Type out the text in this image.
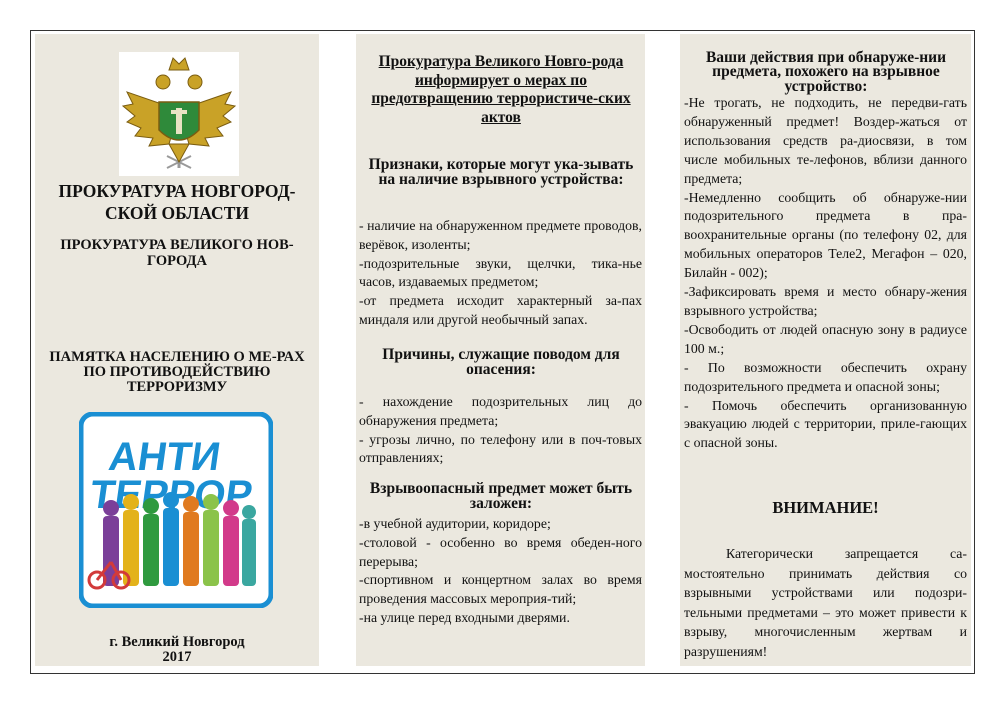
ПРОКУРАТУРА НОВГОРОД-СКОЙ ОБЛАСТИ
ПРОКУРАТУРА ВЕЛИКОГО НОВ-ГОРОДА
ПАМЯТКА НАСЕЛЕНИЮ О МЕ-РАХ ПО ПРОТИВОДЕЙСТВИЮ ТЕРРОРИЗМУ
АНТИ
г. Великий Новгород
2017
Прокуратура Великого Новго-рода информирует о мерах по предотвращению террористиче-ских актов
Признаки, которые могут ука-зывать на наличие взрывного устройства:
- наличие на обнаруженном предмете проводов, верёвок, изоленты;
-подозрительные звуки, щелчки, тика-нье часов, издаваемых предметом;
-от предмета исходит характерный за-пах миндаля или другой необычный запах.
Причины, служащие поводом для опасения:
- нахождение подозрительных лиц до обнаружения предмета;
- угрозы лично, по телефону или в поч-товых отправлениях;
Взрывоопасный предмет может быть заложен:
-в учебной аудитории, коридоре;
-столовой - особенно во время обеден-ного перерыва;
-спортивном и концертном залах во время проведения массовых мероприя-тий;
-на улице перед входными дверями.
Ваши действия при обнаруже-нии предмета, похожего на взрывное устройство:
-Не трогать, не подходить, не передви-гать обнаруженный предмет! Воздер-жаться от использования средств ра-диосвязи, в том числе мобильных те-лефонов, вблизи данного предмета;
-Немедленно сообщить об обнаруже-нии подозрительного предмета в пра-воохранительные органы (по телефону 02, для мобильных операторов Теле2, Мегафон – 020, Билайн - 002);
-Зафиксировать время и место обнару-жения взрывного устройства;
-Освободить от людей опасную зону в радиусе 100 м.;
- По возможности обеспечить охрану подозрительного предмета и опасной зоны;
- Помочь обеспечить организованную эвакуацию людей с территории, прилe-гающих с опасной зоны.
ВНИМАНИЕ!
Категорически запрещается са-мостоятельно принимать действия со взрывными устройствами или подозри-тельными предметами – это может привести к взрыву, многочисленным жертвам и разрушениям!
